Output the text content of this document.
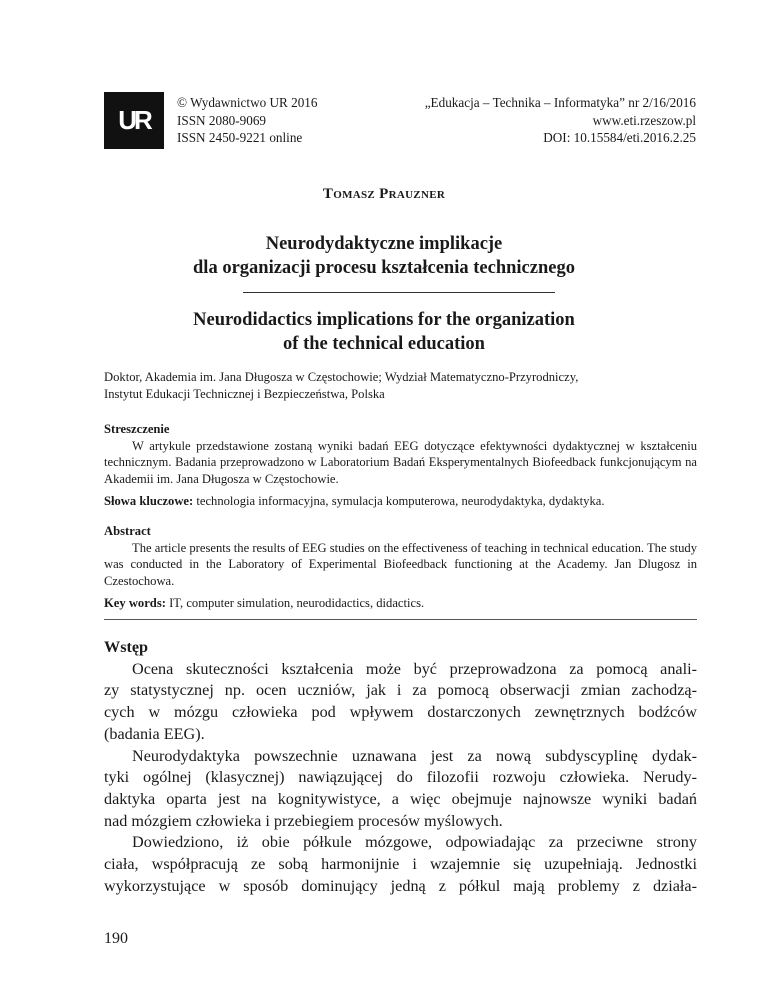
UR
© Wydawnictwo UR 2016
ISSN 2080-9069
ISSN 2450-9221 online
„Edukacja – Technika – Informatyka” nr 2/16/2016
www.eti.rzeszow.pl
DOI: 10.15584/eti.2016.2.25
Tomasz Prauzner
Neurodydaktyczne implikacje
dla organizacji procesu kształcenia technicznego
Neurodidactics implications for the organization
of the technical education
Doktor, Akademia im. Jana Długosza w Częstochowie; Wydział Matematyczno-Przyrodniczy,
Instytut Edukacji Technicznej i Bezpieczeństwa, Polska
Streszczenie
W artykule przedstawione zostaną wyniki badań EEG dotyczące efektywności dydaktycznej w kształceniu technicznym. Badania przeprowadzono w Laboratorium Badań Eksperymentalnych Biofeedback funkcjonującym na Akademii im. Jana Długosza w Częstochowie.
Słowa kluczowe: technologia informacyjna, symulacja komputerowa, neurodydaktyka, dydaktyka.
Abstract
The article presents the results of EEG studies on the effectiveness of teaching in technical education. The study was conducted in the Laboratory of Experimental Biofeedback functioning at the Academy. Jan Dlugosz in Czestochowa.
Key words: IT, computer simulation, neurodidactics, didactics.
Wstęp
Ocena skuteczności kształcenia może być przeprowadzona za pomocą anali-
zy statystycznej np. ocen uczniów, jak i za pomocą obserwacji zmian zachodzą-
cych w mózgu człowieka pod wpływem dostarczonych zewnętrznych bodźców
(badania EEG).
Neurodydaktyka powszechnie uznawana jest za nową subdyscyplinę dydak-
tyki ogólnej (klasycznej) nawiązującej do filozofii rozwoju człowieka. Nerudy-
daktyka oparta jest na kognitywistyce, a więc obejmuje najnowsze wyniki badań
nad mózgiem człowieka i przebiegiem procesów myślowych.
Dowiedziono, iż obie półkule mózgowe, odpowiadając za przeciwne strony
ciała, współpracują ze sobą harmonijnie i wzajemnie się uzupełniają. Jednostki
wykorzystujące w sposób dominujący jedną z półkul mają problemy z działa-
190
